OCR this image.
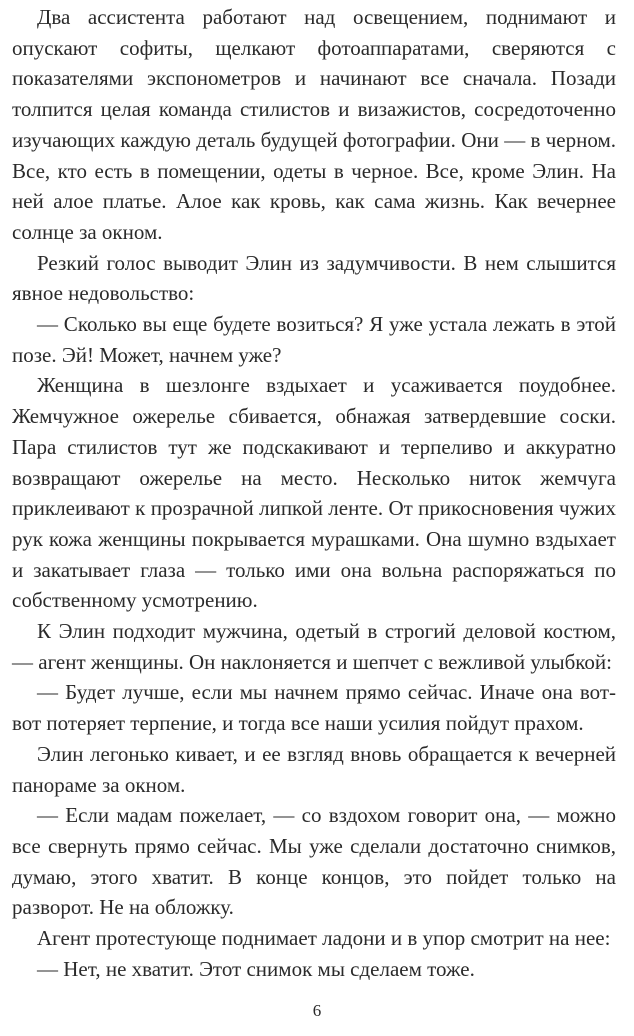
Два ассистента работают над освещением, поднимают и опускают софиты, щелкают фотоаппаратами, сверяются с показателями экспонометров и начинают все сначала. Позади толпится целая команда стилистов и визажистов, сосредоточенно изучающих каждую деталь будущей фотографии. Они — в черном. Все, кто есть в помещении, одеты в черное. Все, кроме Элин. На ней алое платье. Алое как кровь, как сама жизнь. Как вечернее солнце за окном.

Резкий голос выводит Элин из задумчивости. В нем слышится явное недовольство:

— Сколько вы еще будете возиться? Я уже устала лежать в этой позе. Эй! Может, начнем уже?

Женщина в шезлонге вздыхает и усаживается поудобнее. Жемчужное ожерелье сбивается, обнажая затвердевшие соски. Пара стилистов тут же подскакивают и терпеливо и аккуратно возвращают ожерелье на место. Несколько ниток жемчуга приклеивают к прозрачной липкой ленте. От прикосновения чужих рук кожа женщины покрывается мурашками. Она шумно вздыхает и закатывает глаза — только ими она вольна распоряжаться по собственному усмотрению.

К Элин подходит мужчина, одетый в строгий деловой костюм, — агент женщины. Он наклоняется и шепчет с вежливой улыбкой:

— Будет лучше, если мы начнем прямо сейчас. Иначе она вот-вот потеряет терпение, и тогда все наши усилия пойдут прахом.

Элин легонько кивает, и ее взгляд вновь обращается к вечерней панораме за окном.

— Если мадам пожелает, — со вздохом говорит она, — можно все свернуть прямо сейчас. Мы уже сделали достаточно снимков, думаю, этого хватит. В конце концов, это пойдет только на разворот. Не на обложку.

Агент протестующе поднимает ладони и в упор смотрит на нее:

— Нет, не хватит. Этот снимок мы сделаем тоже.

6
